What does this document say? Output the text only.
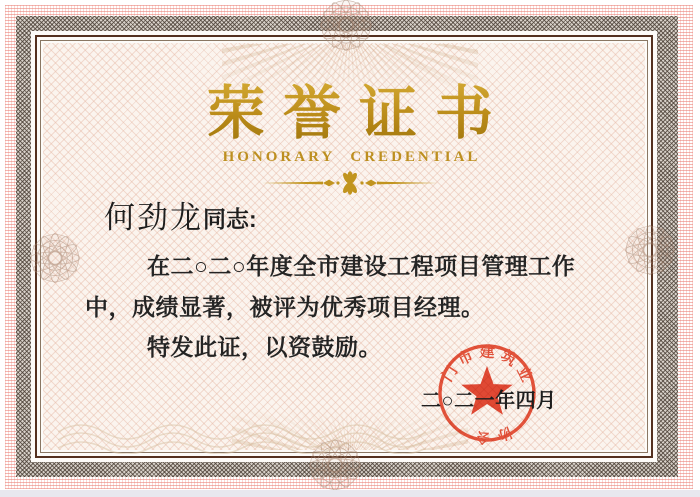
荣誉证书
HONORARY CREDENTIAL
何劲龙 同志:
在二○二○年度全市建设工程项目管理工作
中，成绩显著，被评为优秀项目经理。
特发此证，以资鼓励。
二○二一年四月
门市建筑业
协会
